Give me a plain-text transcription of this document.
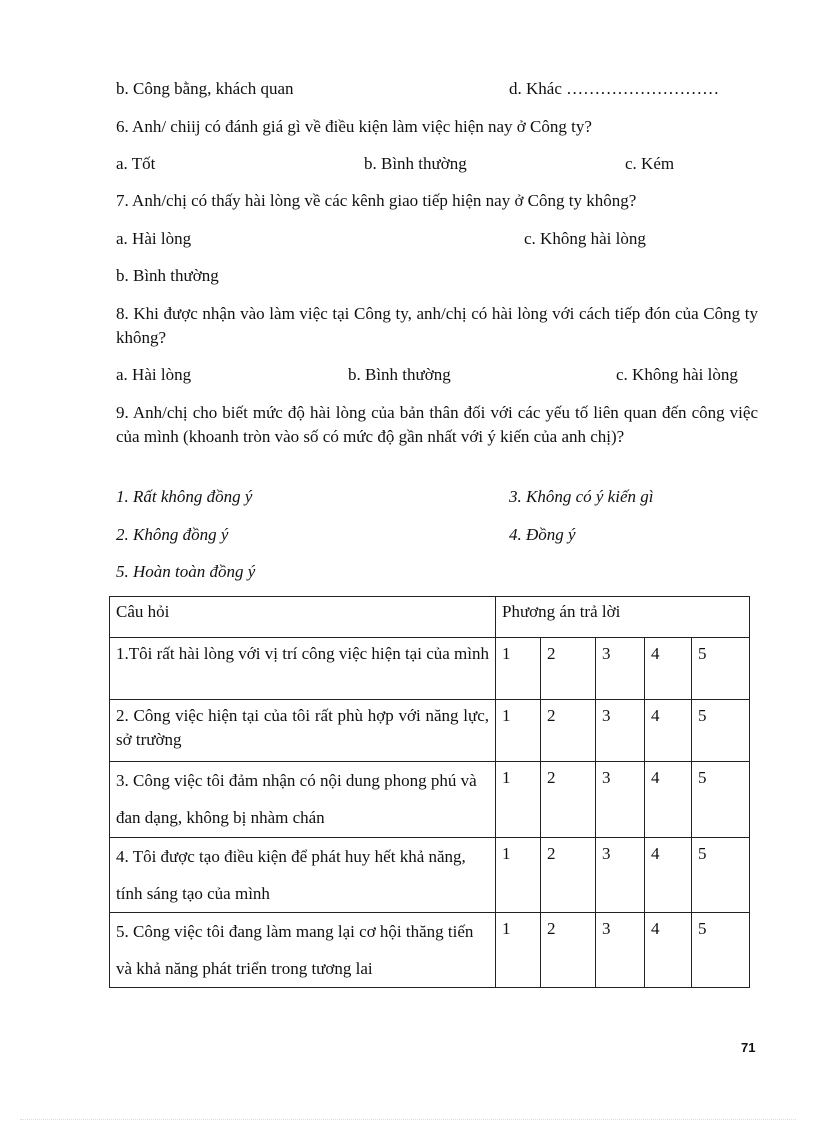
b. Công bằng, khách quan	d. Khác ………………………
6. Anh/ chiij có đánh giá gì về điều kiện làm việc hiện nay ở Công ty?
a. Tốt	b. Bình thường	c. Kém
7. Anh/chị có thấy hài lòng về các kênh giao tiếp hiện nay ở Công ty không?
a. Hài lòng	c. Không hài lòng
b. Bình thường
8. Khi được nhận vào làm việc tại Công ty, anh/chị có hài lòng với cách tiếp đón của Công ty không?
a. Hài lòng	b. Bình thường	c. Không hài lòng
9. Anh/chị cho biết mức độ hài lòng của bản thân đối với các yếu tố liên quan đến công việc của mình (khoanh tròn vào số có mức độ gần nhất với ý kiến của anh chị)?
1. Rất không đồng ý	3. Không có ý kiến gì
2. Không đồng ý	4. Đồng ý
5. Hoàn toàn đồng ý
Câu hỏi	Phương án trả lời				
1.Tôi rất hài lòng với vị trí công việc hiện tại của mình	1	2	3	4	5
2. Công việc hiện tại của tôi rất phù hợp với năng lực, sở trường	1	2	3	4	5
3. Công việc tôi đảm nhận có nội dung phong phú và đan dạng, không bị nhàm chán	1	2	3	4	5
4. Tôi được tạo điều kiện để phát huy hết khả năng, tính sáng tạo của mình	1	2	3	4	5
5. Công việc tôi đang làm mang lại cơ hội thăng tiến và khả năng phát triển trong tương lai	1	2	3	4	5
71
